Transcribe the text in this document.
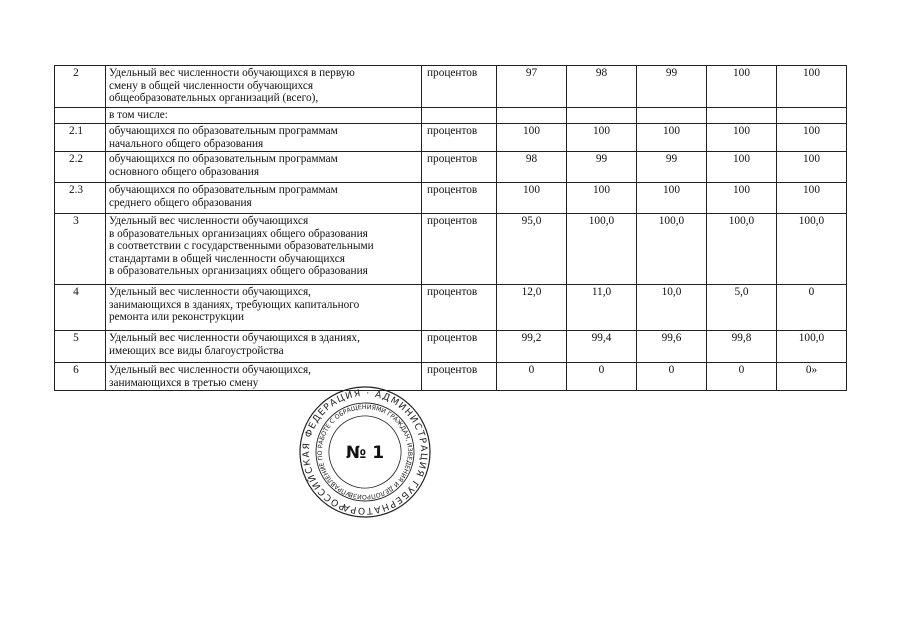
2	Удельный вес численности обучающихся в первую
смену в общей численности обучающихся
общеобразовательных организаций (всего),	процентов	97	98	99	100	100

	в том числе:						

2.1	обучающихся по образовательным программам
начального общего образования	процентов	100	100	100	100	100
2.2	обучающихся по образовательным программам
основного общего образования	процентов	98	99	99	100	100
2.3	обучающихся по образовательным программам
среднего общего образования	процентов	100	100	100	100	100
3	Удельный вес численности обучающихся
в образовательных организациях общего образования
в соответствии с государственными образовательными
стандартами в общей численности обучающихся
в образовательных организациях общего образования	процентов	95,0	100,0	100,0	100,0	100,0
4	Удельный вес численности обучающихся,
занимающихся в зданиях, требующих капитального
ремонта или реконструкции	процентов	12,0	11,0	10,0	5,0	0
5	Удельный вес численности обучающихся в зданиях,
имеющих все виды благоустройства	процентов	99,2	99,4	99,6	99,8	100,0
6	Удельный вес численности обучающихся,
занимающихся в третью смену	процентов	0	0	0	0	0»
РОССИЙСКАЯ ФЕДЕРАЦИЯ · АДМИНИСТРАЦИЯ ГУБЕРНАТОРА
УПРАВЛЕНИЕ ПО РАБОТЕ С ОБРАЩЕНИЯМИ ГРАЖДАН, ИЗВЕДЕНИЯ И ДЕЛОПРОИЗВОДСТВУ
№ 1
